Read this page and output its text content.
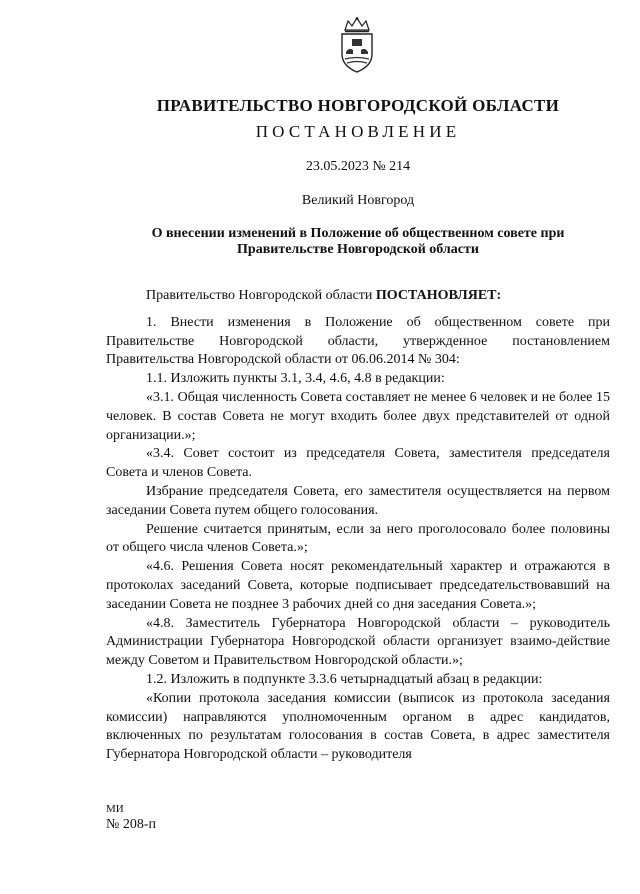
ПРАВИТЕЛЬСТВО НОВГОРОДСКОЙ ОБЛАСТИ
ПОСТАНОВЛЕНИЕ
23.05.2023 № 214
Великий Новгород
О внесении изменений в Положение об общественном совете при Правительстве Новгородской области

Правительство Новгородской области ПОСТАНОВЛЯЕТ:

1. Внести изменения в Положение об общественном совете при Правительстве Новгородской области, утвержденное постановлением Правительства Новгородской области от 06.06.2014 № 304:

1.1. Изложить пункты 3.1, 3.4, 4.6, 4.8 в редакции:

«3.1. Общая численность Совета составляет не менее 6 человек и не более 15 человек. В состав Совета не могут входить более двух представителей от одной организации.»;

«3.4. Совет состоит из председателя Совета, заместителя председателя Совета и членов Совета.

Избрание председателя Совета, его заместителя осуществляется на первом заседании Совета путем общего голосования.

Решение считается принятым, если за него проголосовало более половины от общего числа членов Совета.»;

«4.6. Решения Совета носят рекомендательный характер и отражаются в протоколах заседаний Совета, которые подписывает председательствовавший на заседании Совета не позднее 3 рабочих дней со дня заседания Совета.»;

«4.8. Заместитель Губернатора Новгородской области – руководитель Администрации Губернатора Новгородской области организует взаимо-действие между Советом и Правительством Новгородской области.»;

1.2. Изложить в подпункте 3.3.6 четырнадцатый абзац в редакции:

«Копии протокола заседания комиссии (выписок из протокола заседания комиссии) направляются уполномоченным органом в адрес кандидатов, включенных по результатам голосования в состав Совета, в адрес заместителя Губернатора Новгородской области – руководителя

МИ
№ 208-п
